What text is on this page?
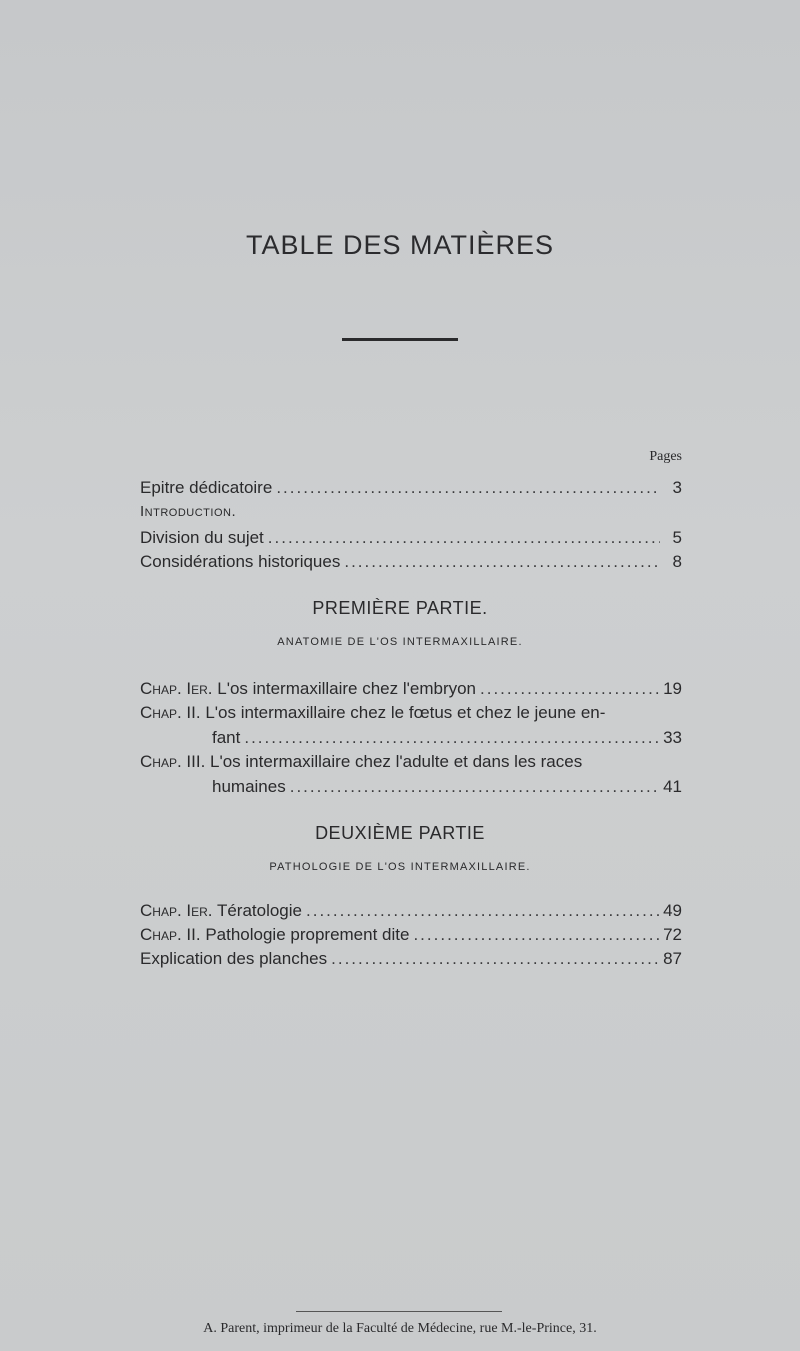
TABLE DES MATIÈRES
Pages
Epitre dédicatoire .....	3
Introduction.
Division du sujet .....	5
Considérations historiques .....	8
PREMIÈRE PARTIE.
ANATOMIE DE L'OS INTERMAXILLAIRE.
Chap. Ier. L'os intermaxillaire chez l'embryon .....	19
Chap. II. L'os intermaxillaire chez le fœtus et chez le jeune en-
fant .....	33
Chap. III. L'os intermaxillaire chez l'adulte et dans les races
humaines .....	41
DEUXIÈME PARTIE
PATHOLOGIE DE L'OS INTERMAXILLAIRE.
Chap. Ier. Tératologie .....	49
Chap. II. Pathologie proprement dite .....	72
Explication des planches .....	87
A. Parent, imprimeur de la Faculté de Médecine, rue M.-le-Prince, 31.
